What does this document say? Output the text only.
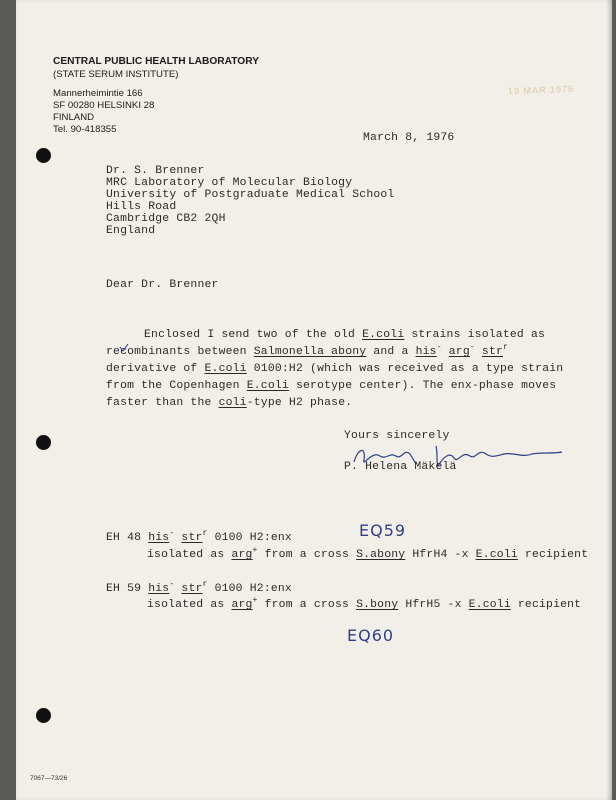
CENTRAL PUBLIC HEALTH LABORATORY
(STATE SERUM INSTITUTE)
Mannerheimintie 166
SF 00280 HELSINKI 28
FINLAND
Tel. 90-418355
19 MAR 1976
March 8, 1976
Dr. S. Brenner
MRC Laboratory of Molecular Biology
University of Postgraduate Medical School
Hills Road
Cambridge CB2 2QH
England
Dear Dr. Brenner
Enclosed I send two of the old E.coli strains isolated as
recombinants between Salmonella abony and a his- arg- str$^r$
derivative of E.coli 0100:H2 (which was received as a type strain
from the Copenhagen E.coli serotype center). The enx-phase moves
faster than the coli-type H2 phase.
Yours sincerely
P. Helena Mäkelä
EQ59
EH 48 his- str$^r$ 0100 H2:enx
isolated as arg+ from a cross S.abony HfrH4 -x E.coli recipient
EH 59 his- str$^r$ 0100 H2:enx
isolated as arg+ from a cross S.bony HfrH5 -x E.coli recipient
EQ60
7067—73/26
